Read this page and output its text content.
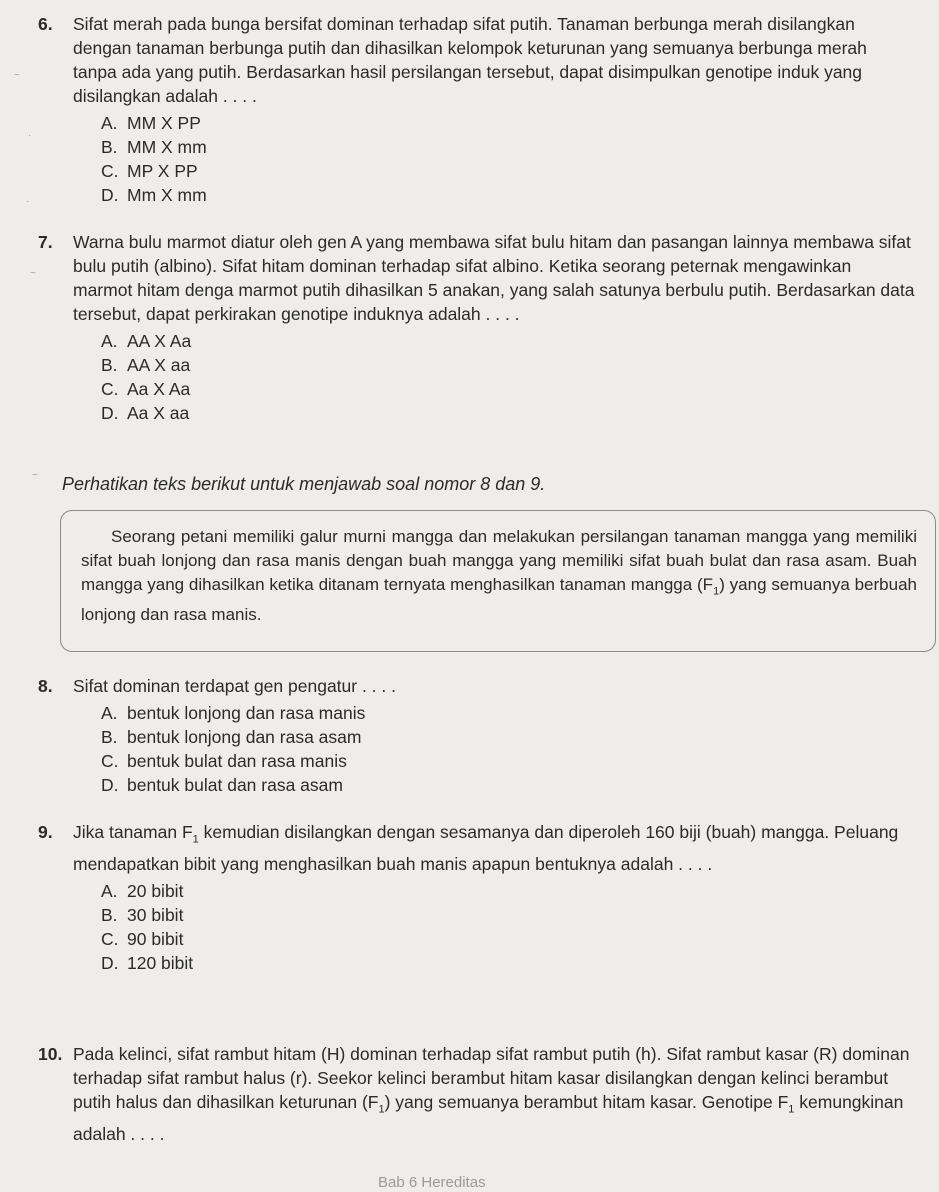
6. Sifat merah pada bunga bersifat dominan terhadap sifat putih. Tanaman berbunga merah disilangkan dengan tanaman berbunga putih dan dihasilkan kelompok keturunan yang semuanya berbunga merah tanpa ada yang putih. Berdasarkan hasil persilangan tersebut, dapat disimpulkan genotipe induk yang disilangkan adalah . . . .

A. MM X PP
B. MM X mm
C. MP X PP
D. Mm X mm
7. Warna bulu marmot diatur oleh gen A yang membawa sifat bulu hitam dan pasangan lainnya membawa sifat bulu putih (albino). Sifat hitam dominan terhadap sifat albino. Ketika seorang peternak mengawinkan marmot hitam denga marmot putih dihasilkan 5 anakan, yang salah satunya berbulu putih. Berdasarkan data tersebut, dapat perkirakan genotipe induknya adalah . . . .

A. AA X Aa
B. AA X aa
C. Aa X Aa
D. Aa X aa
Perhatikan teks berikut untuk menjawab soal nomor 8 dan 9.

Seorang petani memiliki galur murni mangga dan melakukan persilangan tanaman mangga yang memiliki sifat buah lonjong dan rasa manis dengan buah mangga yang memiliki sifat buah bulat dan rasa asam. Buah mangga yang dihasilkan ketika ditanam ternyata menghasilkan tanaman mangga $(F_1)$ yang semuanya berbuah lonjong dan rasa manis.

8. Sifat dominan terdapat gen pengatur . . . .

A. bentuk lonjong dan rasa manis
B. bentuk lonjong dan rasa asam
C. bentuk bulat dan rasa manis
D. bentuk bulat dan rasa asam
9. Jika tanaman $F_1$ kemudian disilangkan dengan sesamanya dan diperoleh 160 biji (buah) mangga. Peluang mendapatkan bibit yang menghasilkan buah manis apapun bentuknya adalah . . . .

A. 20 bibit
B. 30 bibit
C. 90 bibit
D. 120 bibit
10. Pada kelinci, sifat rambut hitam (H) dominan terhadap sifat rambut putih (h). Sifat rambut kasar (R) dominan terhadap sifat rambut halus (r). Seekor kelinci berambut hitam kasar disilangkan dengan kelinci berambut putih halus dan dihasilkan keturunan $(F_1)$ yang semuanya berambut hitam kasar. Genotipe $F_1$ kemungkinan adalah . . . .

Bab 6 Hereditas
~
·
·
~
~
